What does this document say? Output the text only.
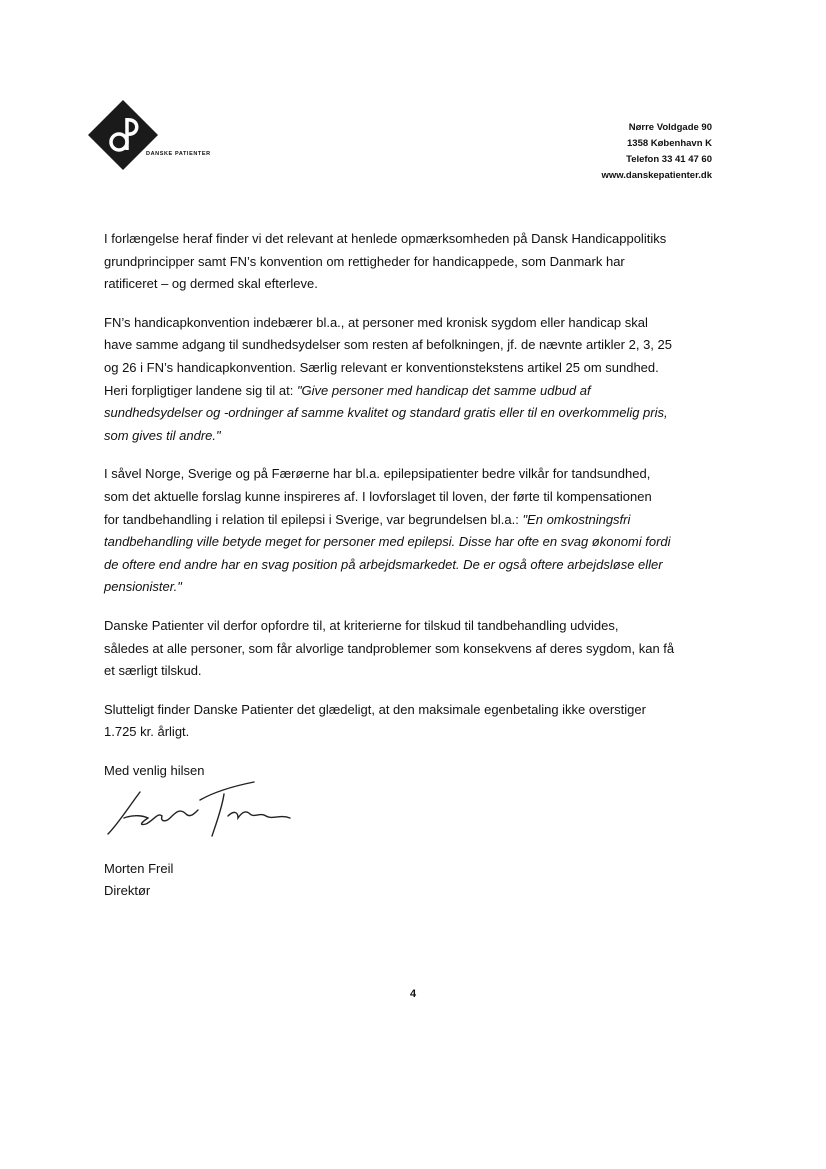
DANSKE PATIENTER
Nørre Voldgade 90
1358 København K
Telefon 33 41 47 60
www.danskepatienter.dk

I forlængelse heraf finder vi det relevant at henlede opmærksomheden på Dansk Handicappolitiks
grundprincipper samt FN’s konvention om rettigheder for handicappede, som Danmark har
ratificeret – og dermed skal efterleve.

FN’s handicapkonvention indebærer bl.a., at personer med kronisk sygdom eller handicap skal
have samme adgang til sundhedsydelser som resten af befolkningen, jf. de nævnte artikler 2, 3, 25
og 26 i FN’s handicapkonvention. Særlig relevant er konventionstekstens artikel 25 om sundhed.
Heri forpligtiger landene sig til at: "Give personer med handicap det samme udbud af
sundhedsydelser og -ordninger af samme kvalitet og standard gratis eller til en overkommelig pris,
som gives til andre."

I såvel Norge, Sverige og på Færøerne har bl.a. epilepsipatienter bedre vilkår for tandsundhed,
som det aktuelle forslag kunne inspireres af. I lovforslaget til loven, der førte til kompensationen
for tandbehandling i relation til epilepsi i Sverige, var begrundelsen bl.a.: "En omkostningsfri
tandbehandling ville betyde meget for personer med epilepsi. Disse har ofte en svag økonomi fordi
de oftere end andre har en svag position på arbejdsmarkedet. De er også oftere arbejdsløse eller
pensionister."

Danske Patienter vil derfor opfordre til, at kriterierne for tilskud til tandbehandling udvides,
således at alle personer, som får alvorlige tandproblemer som konsekvens af deres sygdom, kan få
et særligt tilskud.

Slutteligt finder Danske Patienter det glædeligt, at den maksimale egenbetaling ikke overstiger
1.725 kr. årligt.

Med venlig hilsen

Morten Freil
Direktør
4
